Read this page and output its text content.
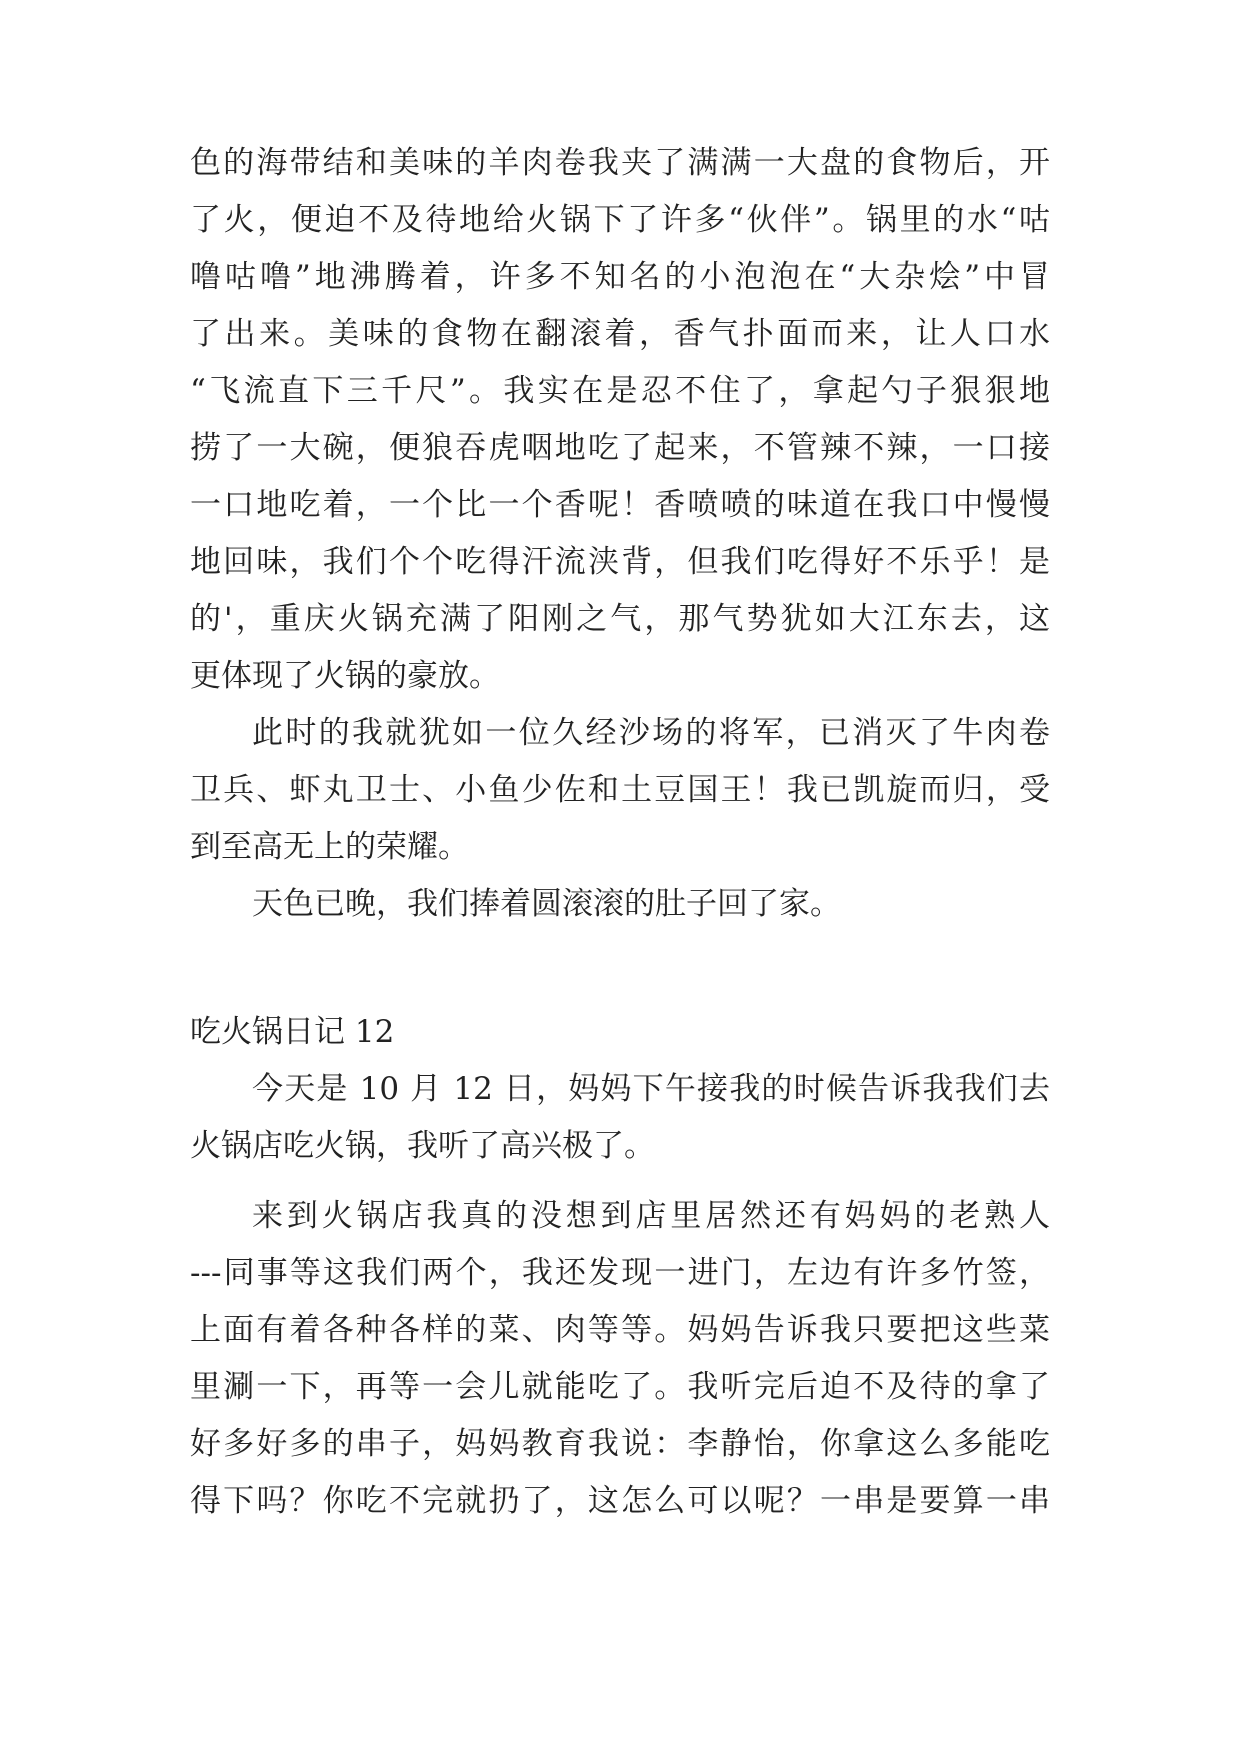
色的海带结和美味的羊肉卷我夹了满满一大盘的食物后，开

了火，便迫不及待地给火锅下了许多“伙伴”。锅里的水“咕

噜咕噜”地沸腾着，许多不知名的小泡泡在“大杂烩”中冒

了出来。美味的食物在翻滚着，香气扑面而来，让人口水

“飞流直下三千尺”。我实在是忍不住了，拿起勺子狠狠地

捞了一大碗，便狼吞虎咽地吃了起来，不管辣不辣，一口接

一口地吃着，一个比一个香呢！香喷喷的味道在我口中慢慢

地回味，我们个个吃得汗流浃背，但我们吃得好不乐乎！是

的'，重庆火锅充满了阳刚之气，那气势犹如大江东去，这

更体现了火锅的豪放。

此时的我就犹如一位久经沙场的将军，已消灭了牛肉卷

卫兵、虾丸卫士、小鱼少佐和土豆国王！我已凯旋而归，受

到至高无上的荣耀。

天色已晚，我们捧着圆滚滚的肚子回了家。

吃火锅日记 12

今天是 10 月 12 日，妈妈下午接我的时候告诉我我们去

火锅店吃火锅，我听了高兴极了。

来到火锅店我真的没想到店里居然还有妈妈的老熟人

---同事等这我们两个，我还发现一进门，左边有许多竹签，

上面有着各种各样的菜、肉等等。妈妈告诉我只要把这些菜

里涮一下，再等一会儿就能吃了。我听完后迫不及待的拿了

好多好多的串子，妈妈教育我说：李静怡，你拿这么多能吃

得下吗？你吃不完就扔了，这怎么可以呢？一串是要算一串
